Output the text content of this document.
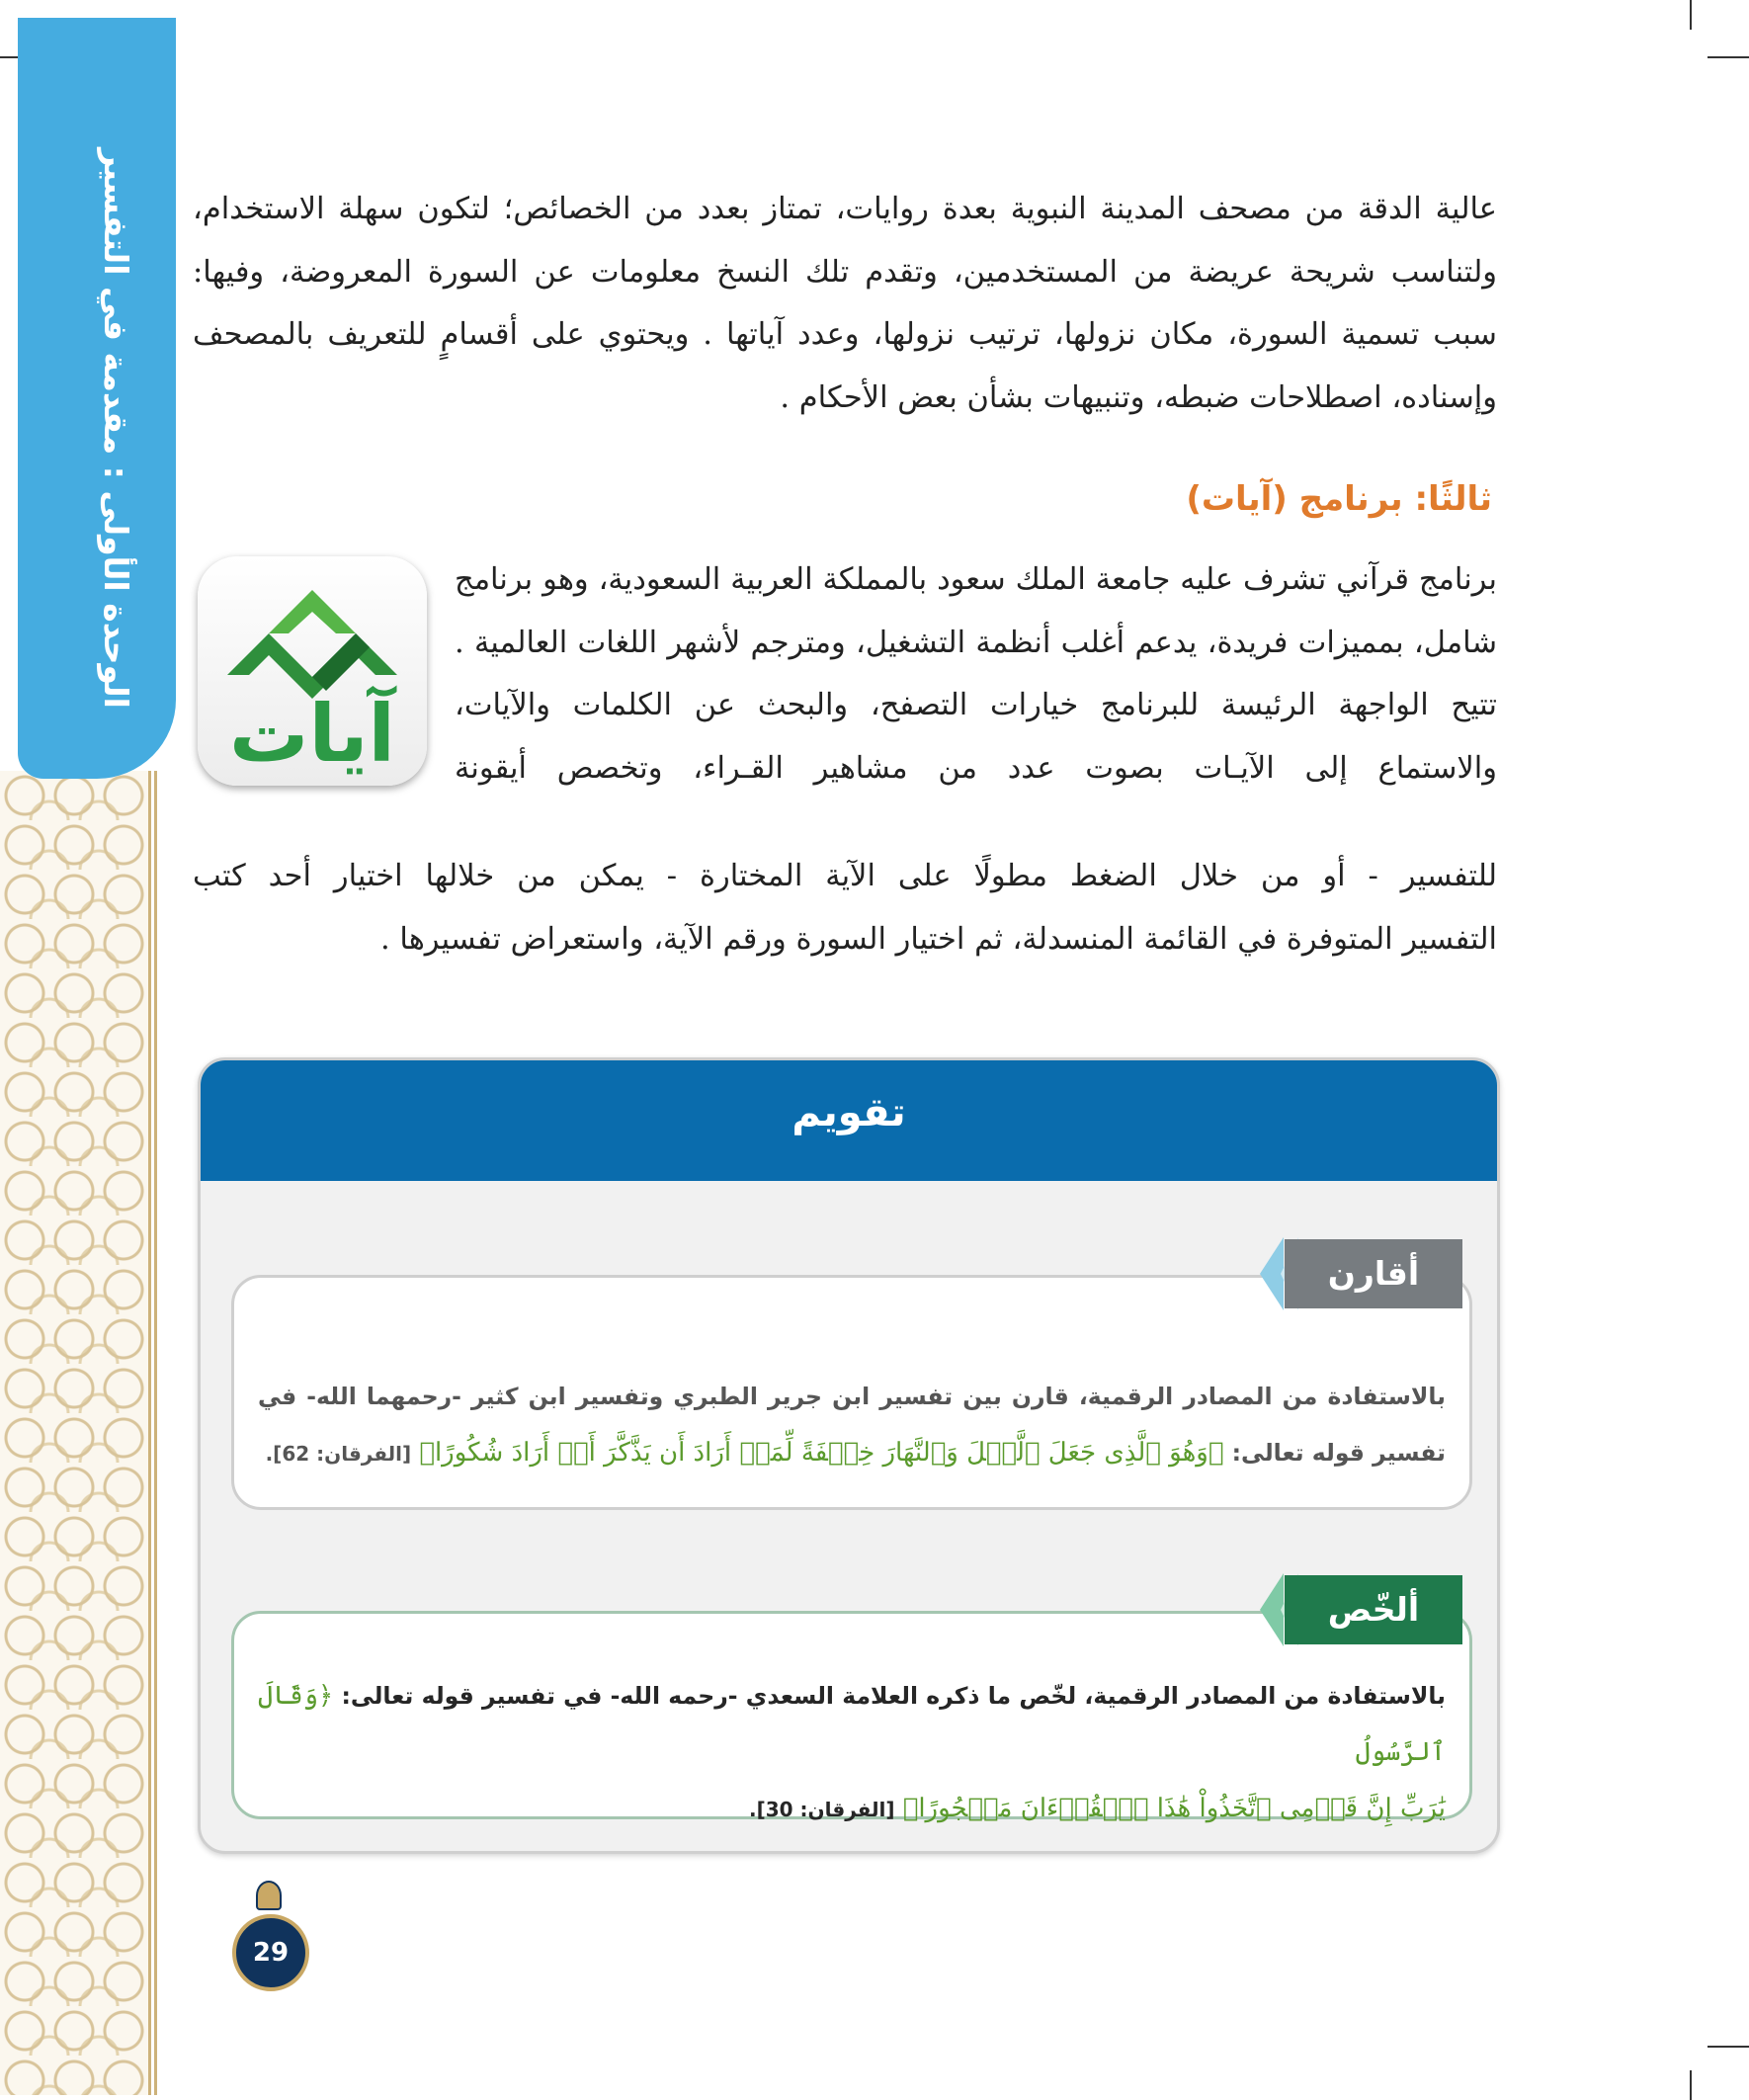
الوحدة الأولى : مقدمة في التفسير عالية الدقة من مصحف المدينة النبوية بعدة روايات، تمتاز بعدد من الخصائص؛ لتكون سهلة الاستخدام،

ولتناسب شريحة عريضة من المستخدمين، وتقدم تلك النسخ معلومات عن السورة المعروضة، وفيها:

سبب تسمية السورة، مكان نزولها، ترتيب نزولها، وعدد آياتها . ويحتوي على أقسامٍ للتعريف بالمصحف

وإسناده، اصطلاحات ضبطه، وتنبيهات بشأن بعض الأحكام .

ثالثًا: برنامج (آيات)
آيات

برنامج قرآني تشرف عليه جامعة الملك سعود بالمملكة العربية السعودية، وهو برنامج

شامل، بمميزات فريدة، يدعم أغلب أنظمة التشغيل، ومترجم لأشهر اللغات العالمية .

تتيح الواجهة الرئيسة للبرنامج خيارات التصفح، والبحث عن الكلمات والآيات،

والاستماع إلى الآيـات بصوت عدد من مشاهير القـراء، وتخصص أيقونة

للتفسير - أو من خلال الضغط مطولًا على الآية المختارة - يمكن من خلالها اختيار أحد كتب

التفسير المتوفرة في القائمة المنسدلة، ثم اختيار السورة ورقم الآية، واستعراض تفسيرها .

تقويم
بالاستفادة من المصادر الرقمية، قارن بين تفسير ابن جرير الطبري وتفسير ابن كثير -رحمهما الله- في
تفسير قوله تعالى: ﴿وَهُوَ ٱلَّذِى جَعَلَ ٱلَّيۡلَ وَٱلنَّهَارَ خِلۡفَةً لِّمَنۡ أَرَادَ أَن يَذَّكَّرَ أَوۡ أَرَادَ شُكُورًا﴾ [الفرقان: 62].
أقارن
بالاستفادة من المصادر الرقمية، لخّص ما ذكره العلامة السعدي -رحمه الله- في تفسير قوله تعالى: ﴿وَقَالَ ٱلرَّسُولُ
يَٰرَبِّ إِنَّ قَوۡمِى ٱتَّخَذُواْ هَٰذَا ٱلۡقُرۡءَانَ مَهۡجُورًا﴾ [الفرقان: 30].
ألخّص
29
